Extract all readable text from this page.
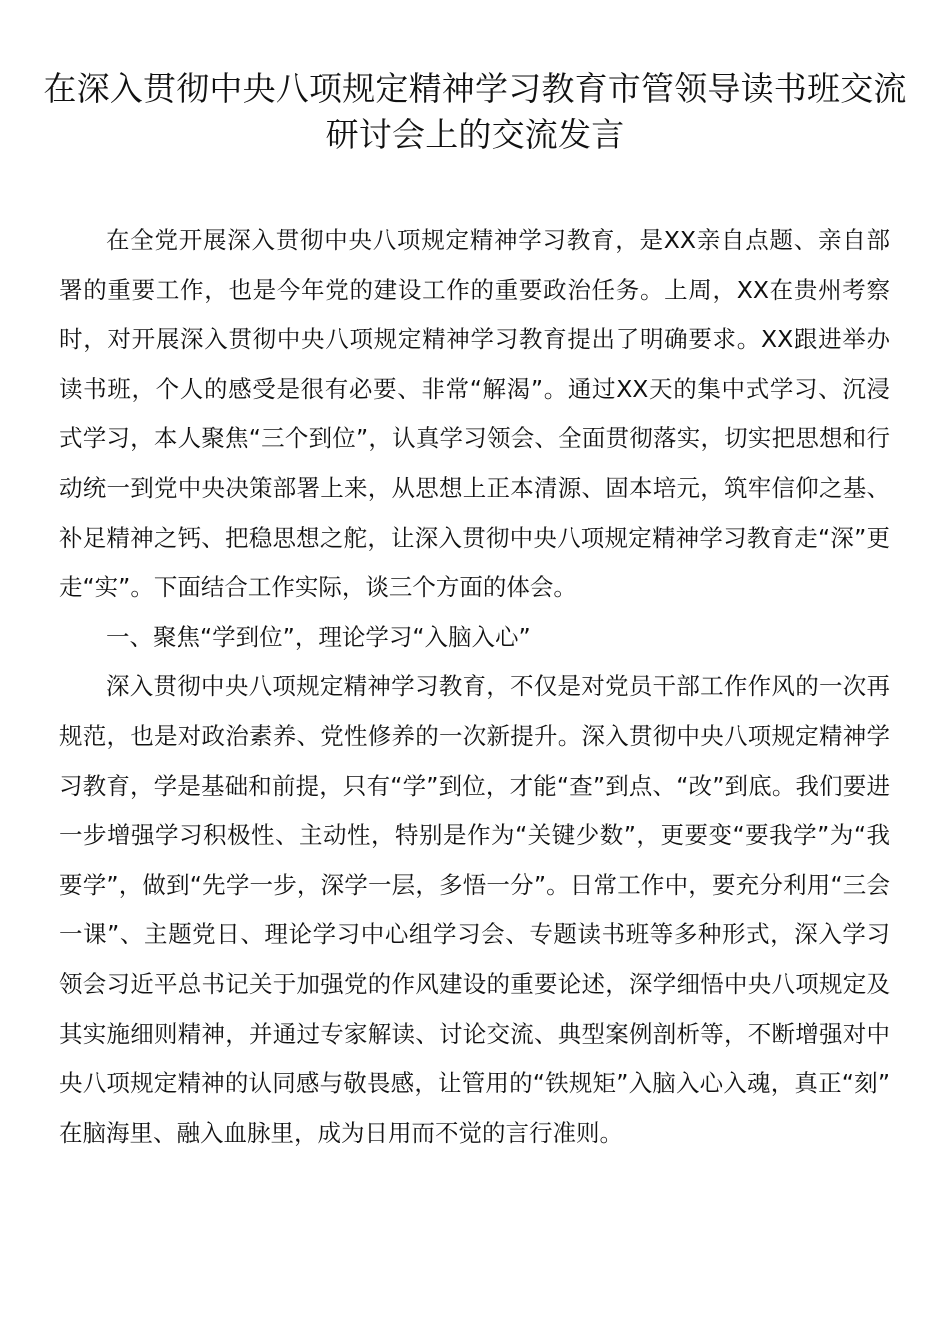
在深入贯彻中央八项规定精神学习教育市管领导读书班交流研讨会上的交流发言

在全党开展深入贯彻中央八项规定精神学习教育，是XX亲自点题、亲自部署的重要工作，也是今年党的建设工作的重要政治任务。上周，XX在贵州考察时，对开展深入贯彻中央八项规定精神学习教育提出了明确要求。XX跟进举办读书班，个人的感受是很有必要、非常“解渴”。通过XX天的集中式学习、沉浸式学习，本人聚焦“三个到位”，认真学习领会、全面贯彻落实，切实把思想和行动统一到党中央决策部署上来，从思想上正本清源、固本培元，筑牢信仰之基、补足精神之钙、把稳思想之舵，让深入贯彻中央八项规定精神学习教育走“深”更走“实”。下面结合工作实际，谈三个方面的体会。

一、聚焦“学到位”，理论学习“入脑入心”

深入贯彻中央八项规定精神学习教育，不仅是对党员干部工作作风的一次再规范，也是对政治素养、党性修养的一次新提升。深入贯彻中央八项规定精神学习教育，学是基础和前提，只有“学”到位，才能“查”到点、“改”到底。我们要进一步增强学习积极性、主动性，特别是作为“关键少数”，更要变“要我学”为“我要学”，做到“先学一步，深学一层，多悟一分”。日常工作中，要充分利用“三会一课”、主题党日、理论学习中心组学习会、专题读书班等多种形式，深入学习领会习近平总书记关于加强党的作风建设的重要论述，深学细悟中央八项规定及其实施细则精神，并通过专家解读、讨论交流、典型案例剖析等，不断增强对中央八项规定精神的认同感与敬畏感，让管用的“铁规矩”入脑入心入魂，真正“刻”在脑海里、融入血脉里，成为日用而不觉的言行准则。
